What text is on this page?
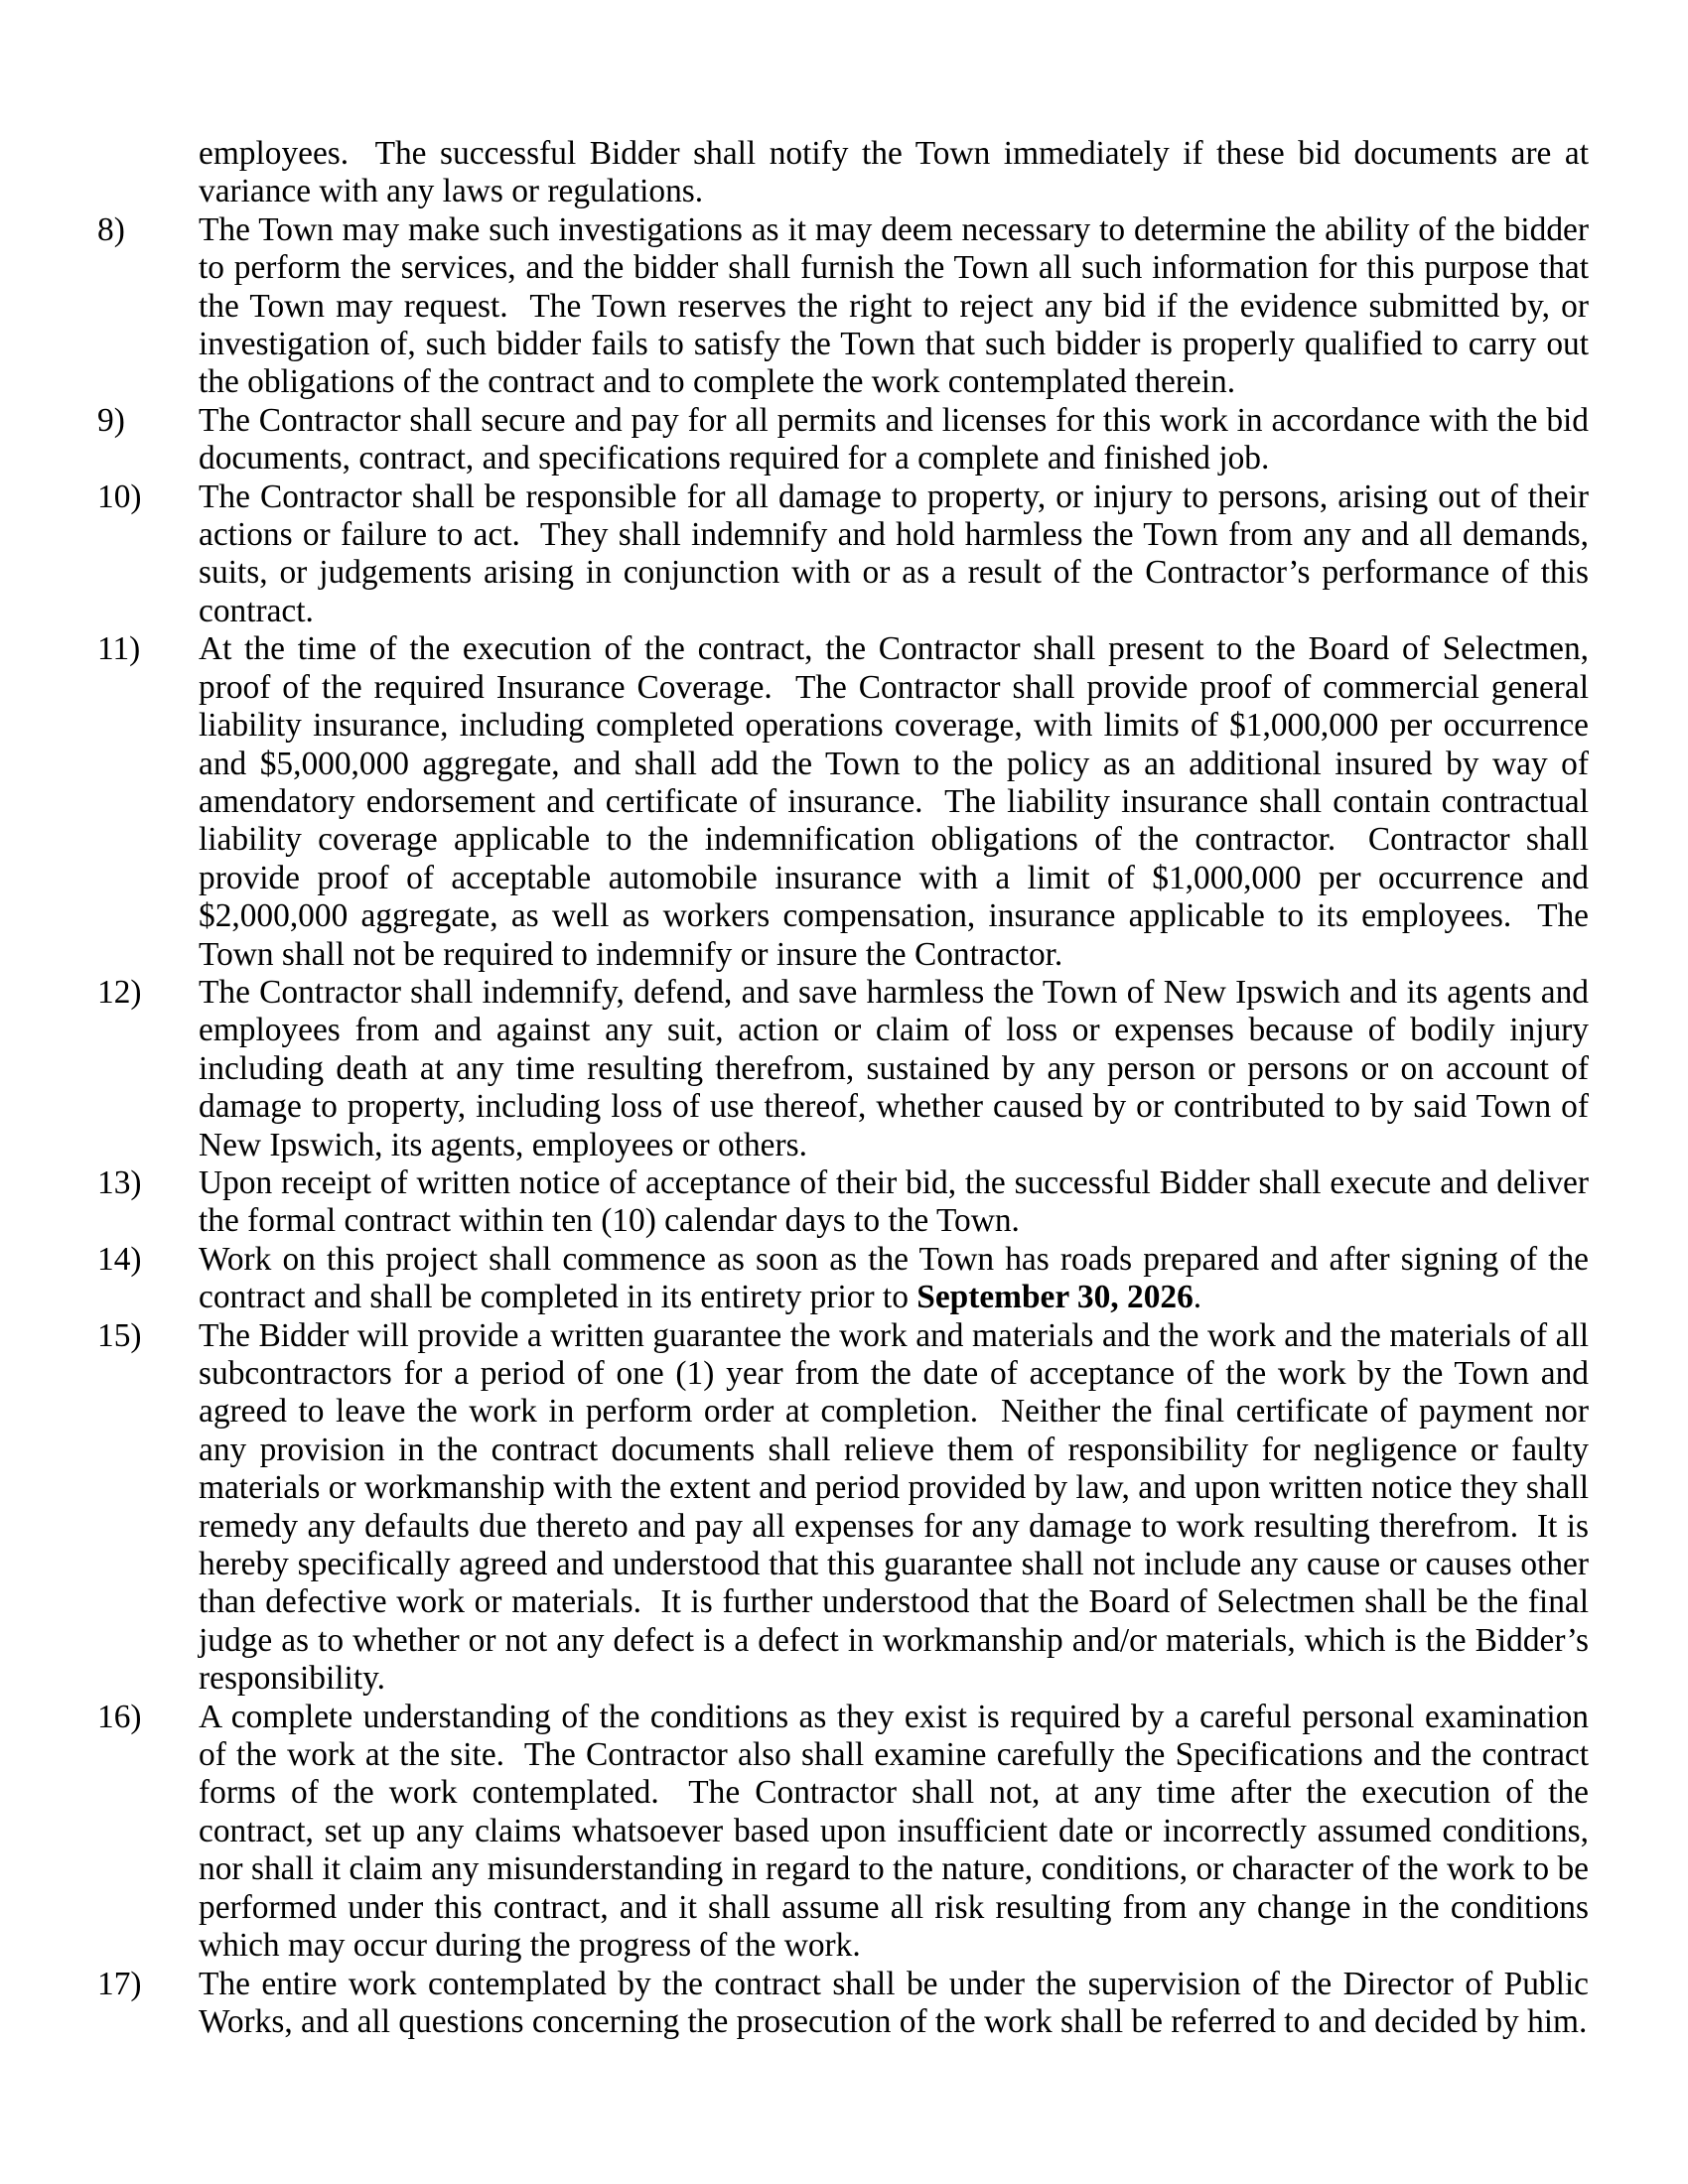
employees.  The successful Bidder shall notify the Town immediately if these bid documents are at variance with any laws or regulations.
8) The Town may make such investigations as it may deem necessary to determine the ability of the bidder to perform the services, and the bidder shall furnish the Town all such information for this purpose that the Town may request.  The Town reserves the right to reject any bid if the evidence submitted by, or investigation of, such bidder fails to satisfy the Town that such bidder is properly qualified to carry out the obligations of the contract and to complete the work contemplated therein.
9) The Contractor shall secure and pay for all permits and licenses for this work in accordance with the bid documents, contract, and specifications required for a complete and finished job.
10) The Contractor shall be responsible for all damage to property, or injury to persons, arising out of their actions or failure to act.  They shall indemnify and hold harmless the Town from any and all demands, suits, or judgements arising in conjunction with or as a result of the Contractor’s performance of this contract.
11) At the time of the execution of the contract, the Contractor shall present to the Board of Selectmen, proof of the required Insurance Coverage.  The Contractor shall provide proof of commercial general liability insurance, including completed operations coverage, with limits of $1,000,000 per occurrence and $5,000,000 aggregate, and shall add the Town to the policy as an additional insured by way of amendatory endorsement and certificate of insurance.  The liability insurance shall contain contractual liability coverage applicable to the indemnification obligations of the contractor.  Contractor shall provide proof of acceptable automobile insurance with a limit of $1,000,000 per occurrence and $2,000,000 aggregate, as well as workers compensation, insurance applicable to its employees.  The Town shall not be required to indemnify or insure the Contractor.
12) The Contractor shall indemnify, defend, and save harmless the Town of New Ipswich and its agents and employees from and against any suit, action or claim of loss or expenses because of bodily injury including death at any time resulting therefrom, sustained by any person or persons or on account of damage to property, including loss of use thereof, whether caused by or contributed to by said Town of New Ipswich, its agents, employees or others.
13) Upon receipt of written notice of acceptance of their bid, the successful Bidder shall execute and deliver the formal contract within ten (10) calendar days to the Town.
14) Work on this project shall commence as soon as the Town has roads prepared and after signing of the contract and shall be completed in its entirety prior to September 30, 2026.
15) The Bidder will provide a written guarantee the work and materials and the work and the materials of all subcontractors for a period of one (1) year from the date of acceptance of the work by the Town and agreed to leave the work in perform order at completion.  Neither the final certificate of payment nor any provision in the contract documents shall relieve them of responsibility for negligence or faulty materials or workmanship with the extent and period provided by law, and upon written notice they shall remedy any defaults due thereto and pay all expenses for any damage to work resulting therefrom.  It is hereby specifically agreed and understood that this guarantee shall not include any cause or causes other than defective work or materials.  It is further understood that the Board of Selectmen shall be the final judge as to whether or not any defect is a defect in workmanship and/or materials, which is the Bidder’s responsibility.
16) A complete understanding of the conditions as they exist is required by a careful personal examination of the work at the site.  The Contractor also shall examine carefully the Specifications and the contract forms of the work contemplated.  The Contractor shall not, at any time after the execution of the contract, set up any claims whatsoever based upon insufficient date or incorrectly assumed conditions, nor shall it claim any misunderstanding in regard to the nature, conditions, or character of the work to be performed under this contract, and it shall assume all risk resulting from any change in the conditions which may occur during the progress of the work.
17) The entire work contemplated by the contract shall be under the supervision of the Director of Public Works, and all questions concerning the prosecution of the work shall be referred to and decided by him.
